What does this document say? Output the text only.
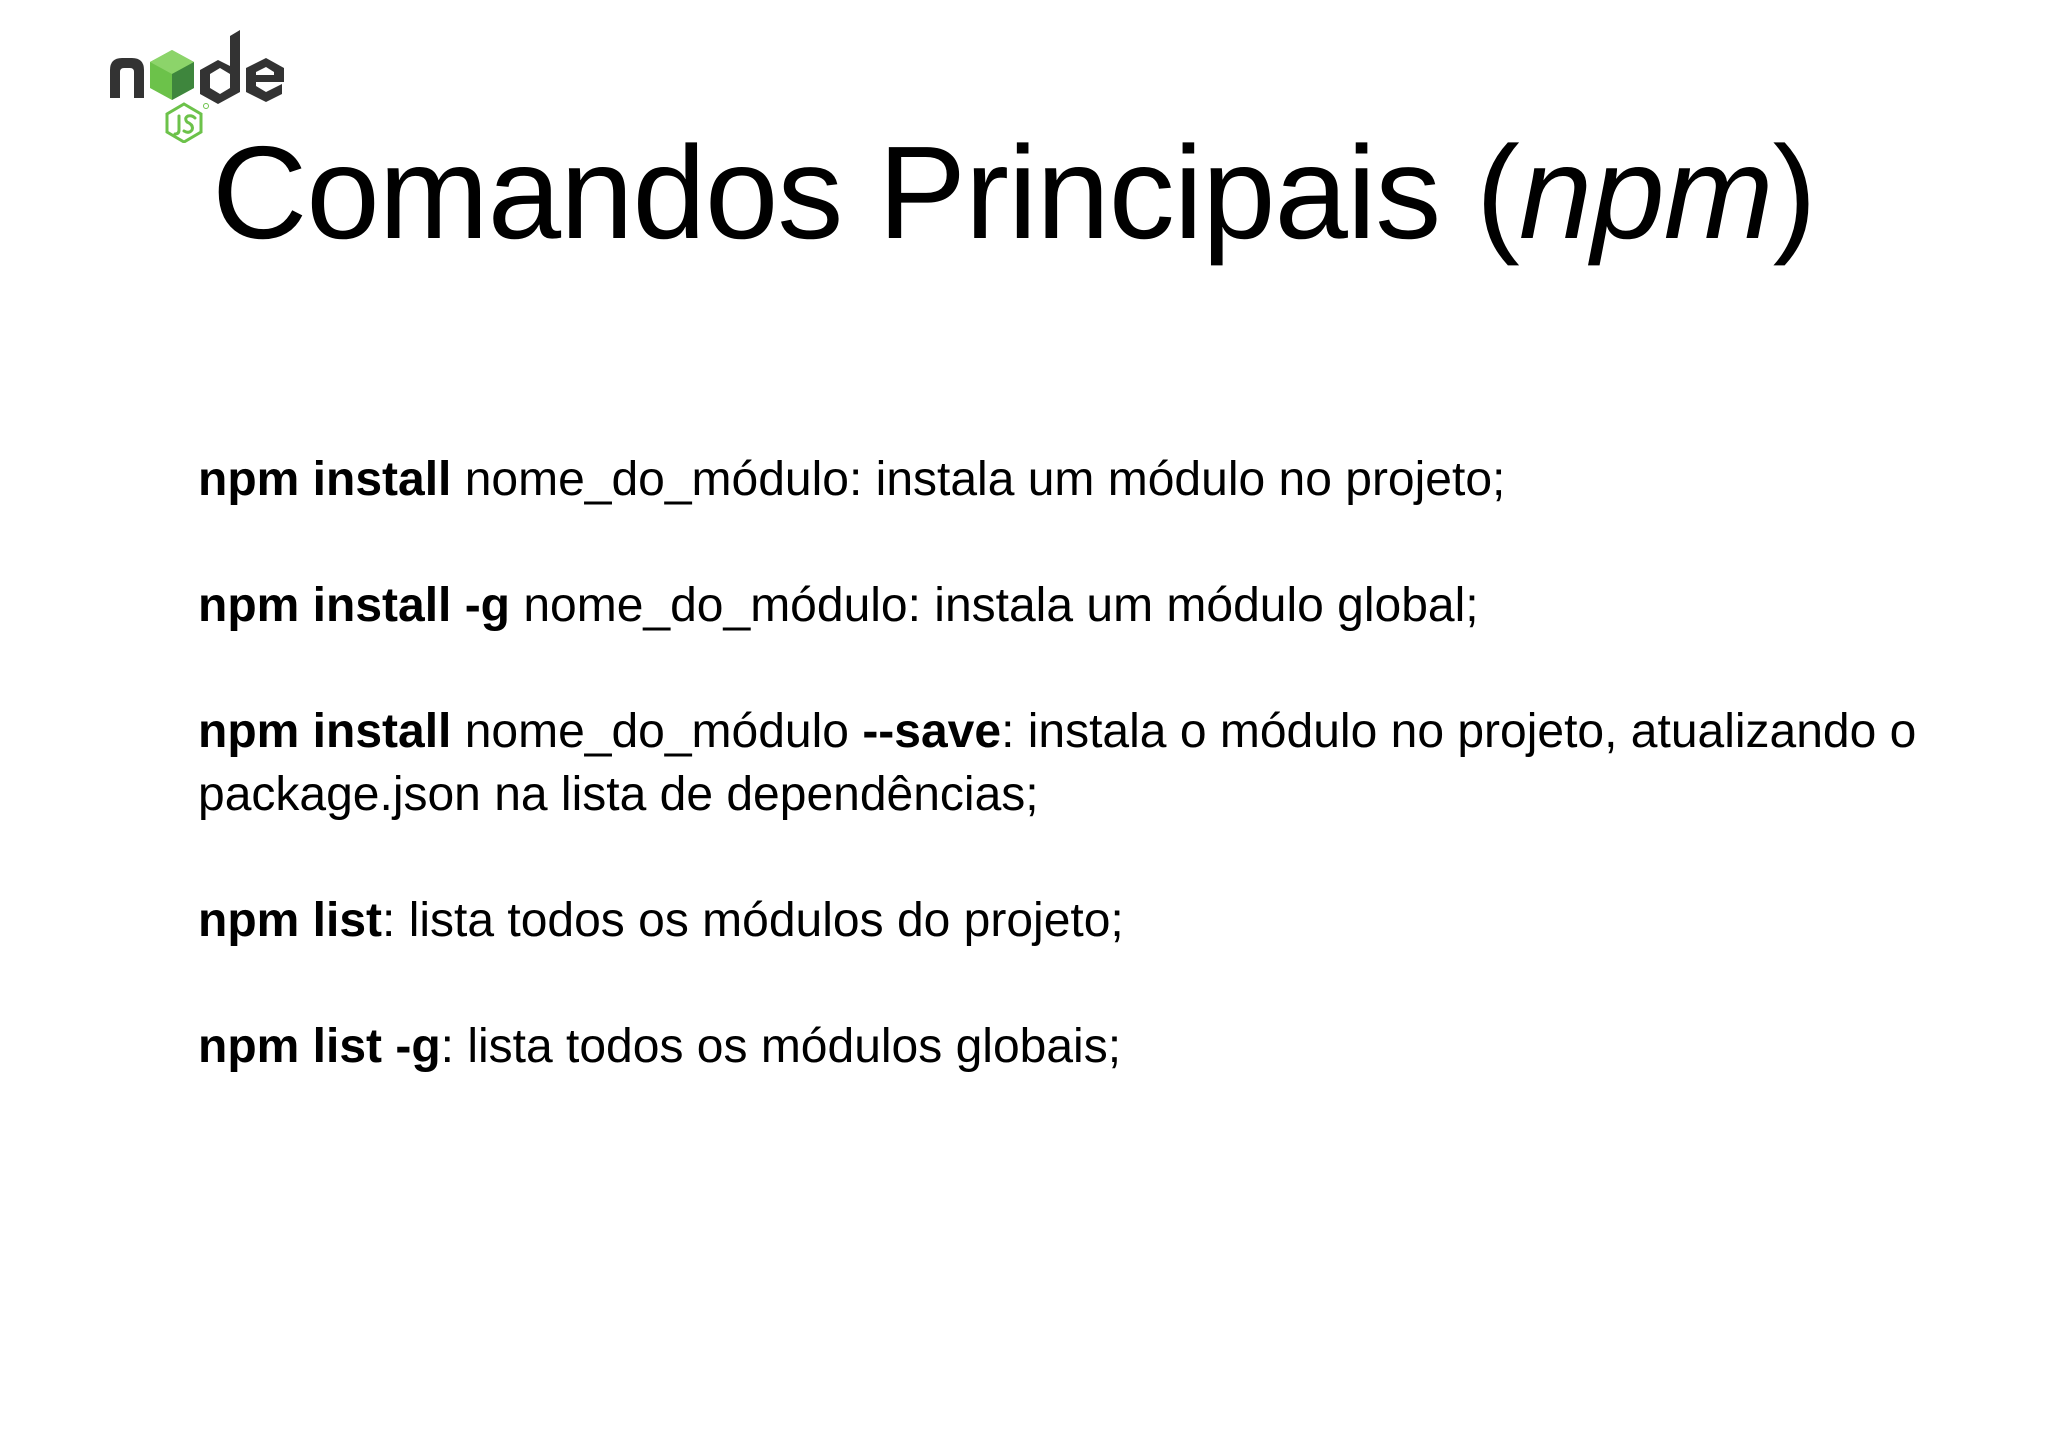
Comandos Principais (npm)

npm install nome_do_módulo: instala um módulo no projeto;

npm install -g nome_do_módulo: instala um módulo global;

npm install nome_do_módulo --save: instala o módulo no projeto, atualizando o package.json na lista de dependências;

npm list: lista todos os módulos do projeto;

npm list -g: lista todos os módulos globais;
